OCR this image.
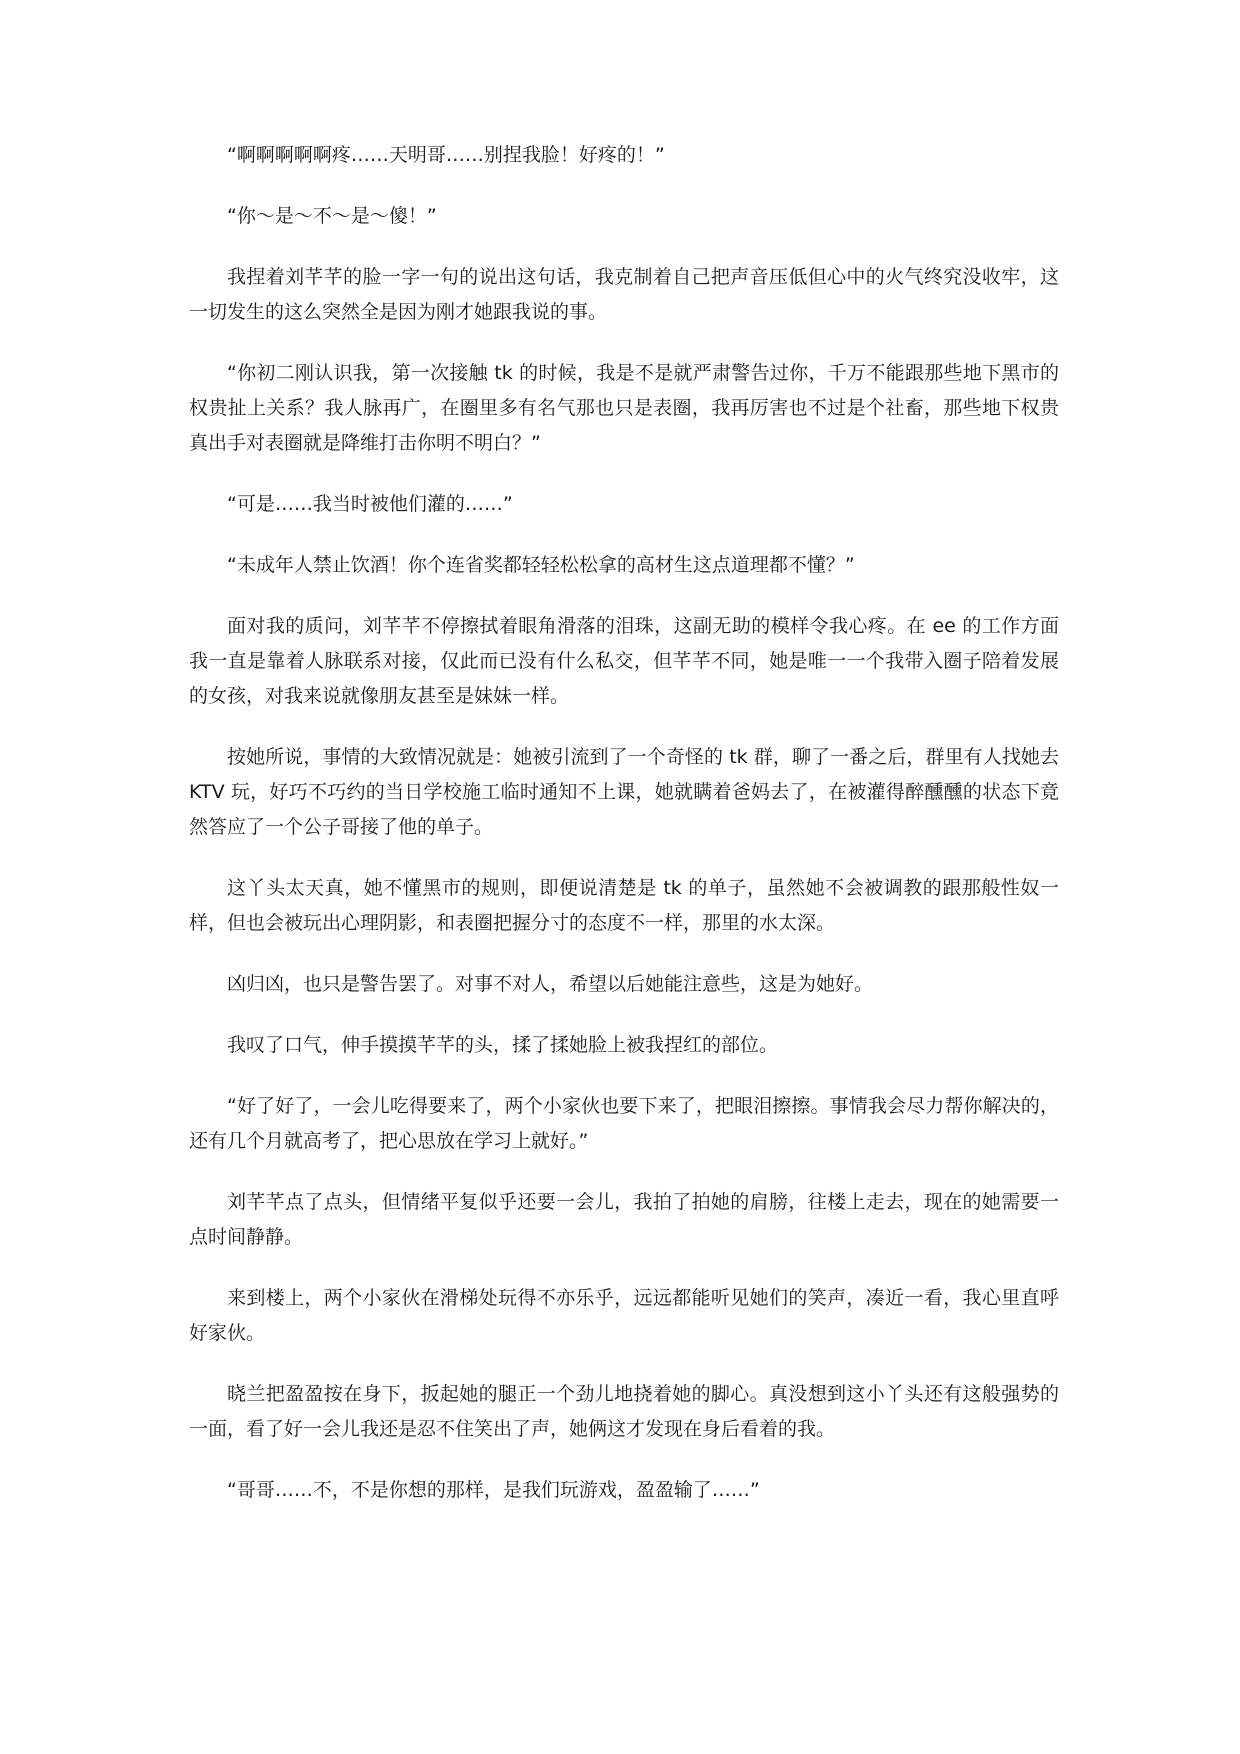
“啊啊啊啊啊疼……天明哥……别捏我脸！好疼的！”

“你～是～不～是～傻！”

我捏着刘芊芊的脸一字一句的说出这句话，我克制着自己把声音压低但心中的火气终究没收牢，这一切发生的这么突然全是因为刚才她跟我说的事。

“你初二刚认识我，第一次接触 tk 的时候，我是不是就严肃警告过你，千万不能跟那些地下黑市的权贵扯上关系？我人脉再广，在圈里多有名气那也只是表圈，我再厉害也不过是个社畜，那些地下权贵真出手对表圈就是降维打击你明不明白？”

“可是……我当时被他们灌的……”

“未成年人禁止饮酒！你个连省奖都轻轻松松拿的高材生这点道理都不懂？”

面对我的质问，刘芊芊不停擦拭着眼角滑落的泪珠，这副无助的模样令我心疼。在 ee 的工作方面我一直是靠着人脉联系对接，仅此而已没有什么私交，但芊芊不同，她是唯一一个我带入圈子陪着发展的女孩，对我来说就像朋友甚至是妹妹一样。

按她所说，事情的大致情况就是：她被引流到了一个奇怪的 tk 群，聊了一番之后，群里有人找她去 KTV 玩，好巧不巧约的当日学校施工临时通知不上课，她就瞒着爸妈去了，在被灌得醉醺醺的状态下竟然答应了一个公子哥接了他的单子。

这丫头太天真，她不懂黑市的规则，即便说清楚是 tk 的单子，虽然她不会被调教的跟那般性奴一样，但也会被玩出心理阴影，和表圈把握分寸的态度不一样，那里的水太深。

凶归凶，也只是警告罢了。对事不对人，希望以后她能注意些，这是为她好。

我叹了口气，伸手摸摸芊芊的头，揉了揉她脸上被我捏红的部位。

“好了好了，一会儿吃得要来了，两个小家伙也要下来了，把眼泪擦擦。事情我会尽力帮你解决的，还有几个月就高考了，把心思放在学习上就好。”

刘芊芊点了点头，但情绪平复似乎还要一会儿，我拍了拍她的肩膀，往楼上走去，现在的她需要一点时间静静。

来到楼上，两个小家伙在滑梯处玩得不亦乐乎，远远都能听见她们的笑声，凑近一看，我心里直呼好家伙。

晓兰把盈盈按在身下，扳起她的腿正一个劲儿地挠着她的脚心。真没想到这小丫头还有这般强势的一面，看了好一会儿我还是忍不住笑出了声，她俩这才发现在身后看着的我。

“哥哥……不，不是你想的那样，是我们玩游戏，盈盈输了……”
